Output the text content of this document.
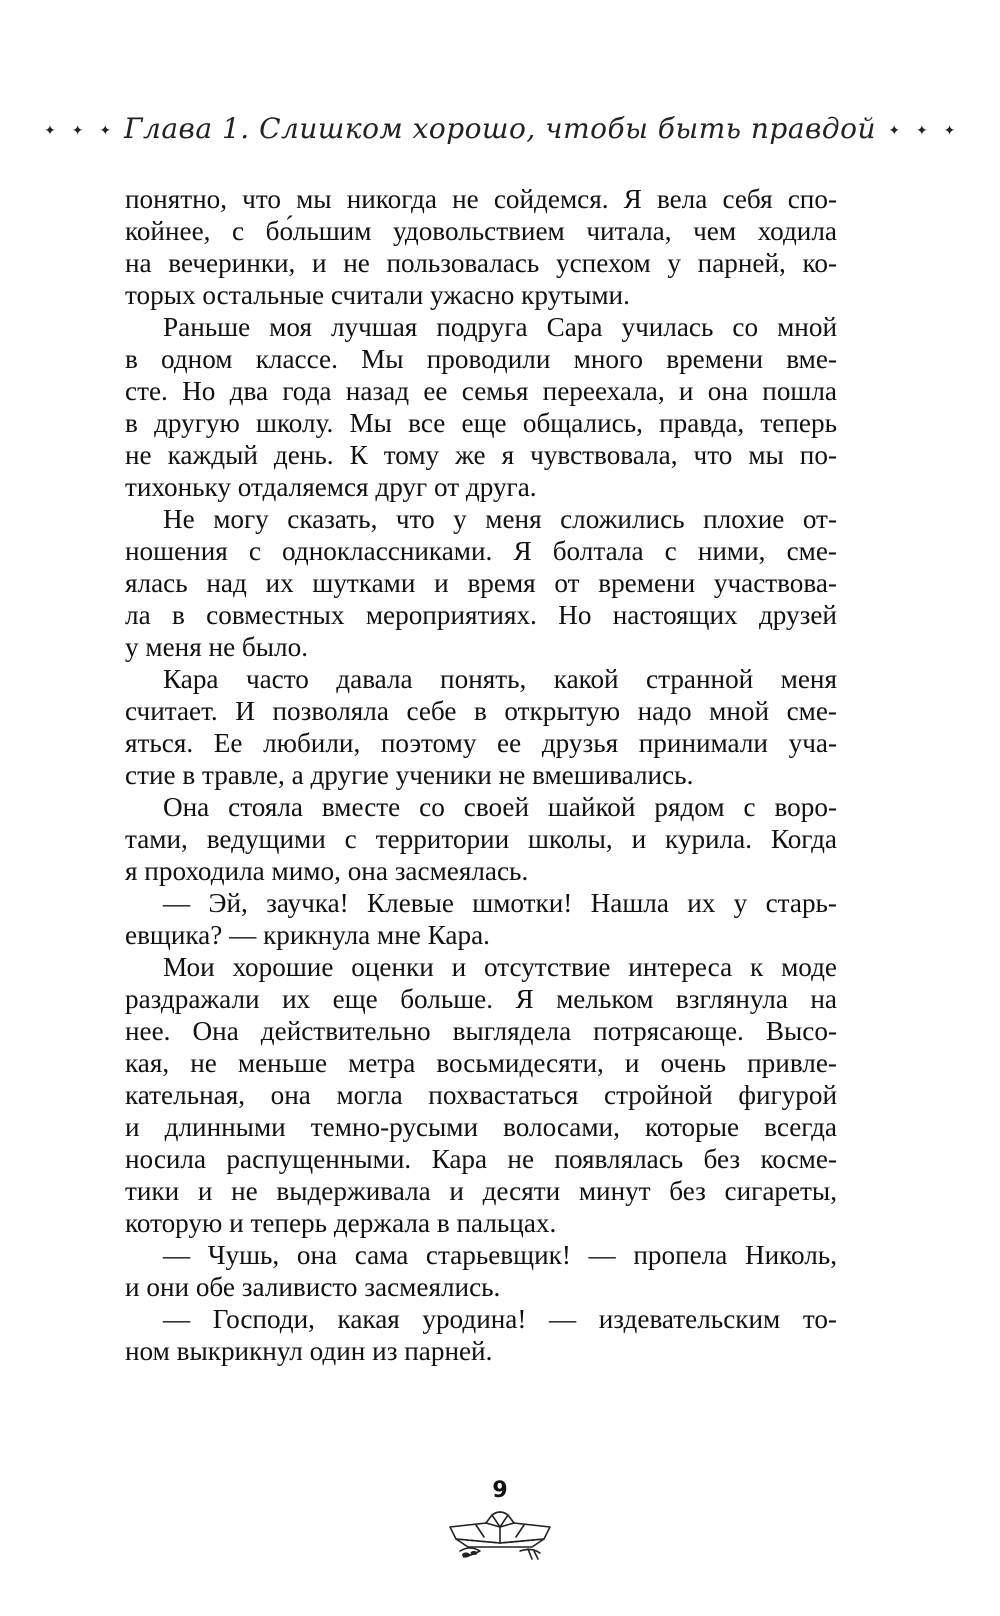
✦ ✦ ✦ Глава 1. Слишком хорошо, чтобы быть правдой ✦ ✦ ✦
понятно, что мы никогда не сойдемся. Я вела себя спо-
койнее, с бо́льшим удовольствием читала, чем ходила
на вечеринки, и не пользовалась успехом у парней, ко-
торых остальные считали ужасно крутыми.
Раньше моя лучшая подруга Сара училась со мной
в одном классе. Мы проводили много времени вме-
сте. Но два года назад ее семья переехала, и она пошла
в другую школу. Мы все еще общались, правда, теперь
не каждый день. К тому же я чувствовала, что мы по-
тихоньку отдаляемся друг от друга.
Не могу сказать, что у меня сложились плохие от-
ношения с одноклассниками. Я болтала с ними, сме-
ялась над их шутками и время от времени участвова-
ла в совместных мероприятиях. Но настоящих друзей
у меня не было.
Кара часто давала понять, какой странной меня
считает. И позволяла себе в открытую надо мной сме-
яться. Ее любили, поэтому ее друзья принимали уча-
стие в травле, а другие ученики не вмешивались.
Она стояла вместе со своей шайкой рядом с воро-
тами, ведущими с территории школы, и курила. Когда
я проходила мимо, она засмеялась.
— Эй, заучка! Клевые шмотки! Нашла их у старь-
евщика? — крикнула мне Кара.
Мои хорошие оценки и отсутствие интереса к моде
раздражали их еще больше. Я мельком взглянула на
нее. Она действительно выглядела потрясающе. Высо-
кая, не меньше метра восьмидесяти, и очень привле-
кательная, она могла похвастаться стройной фигурой
и длинными темно-русыми волосами, которые всегда
носила распущенными. Кара не появлялась без косме-
тики и не выдерживала и десяти минут без сигареты,
которую и теперь держала в пальцах.
— Чушь, она сама старьевщик! — пропела Николь,
и они обе заливисто засмеялись.
— Господи, какая уродина! — издевательским то-
ном выкрикнул один из парней.
9
